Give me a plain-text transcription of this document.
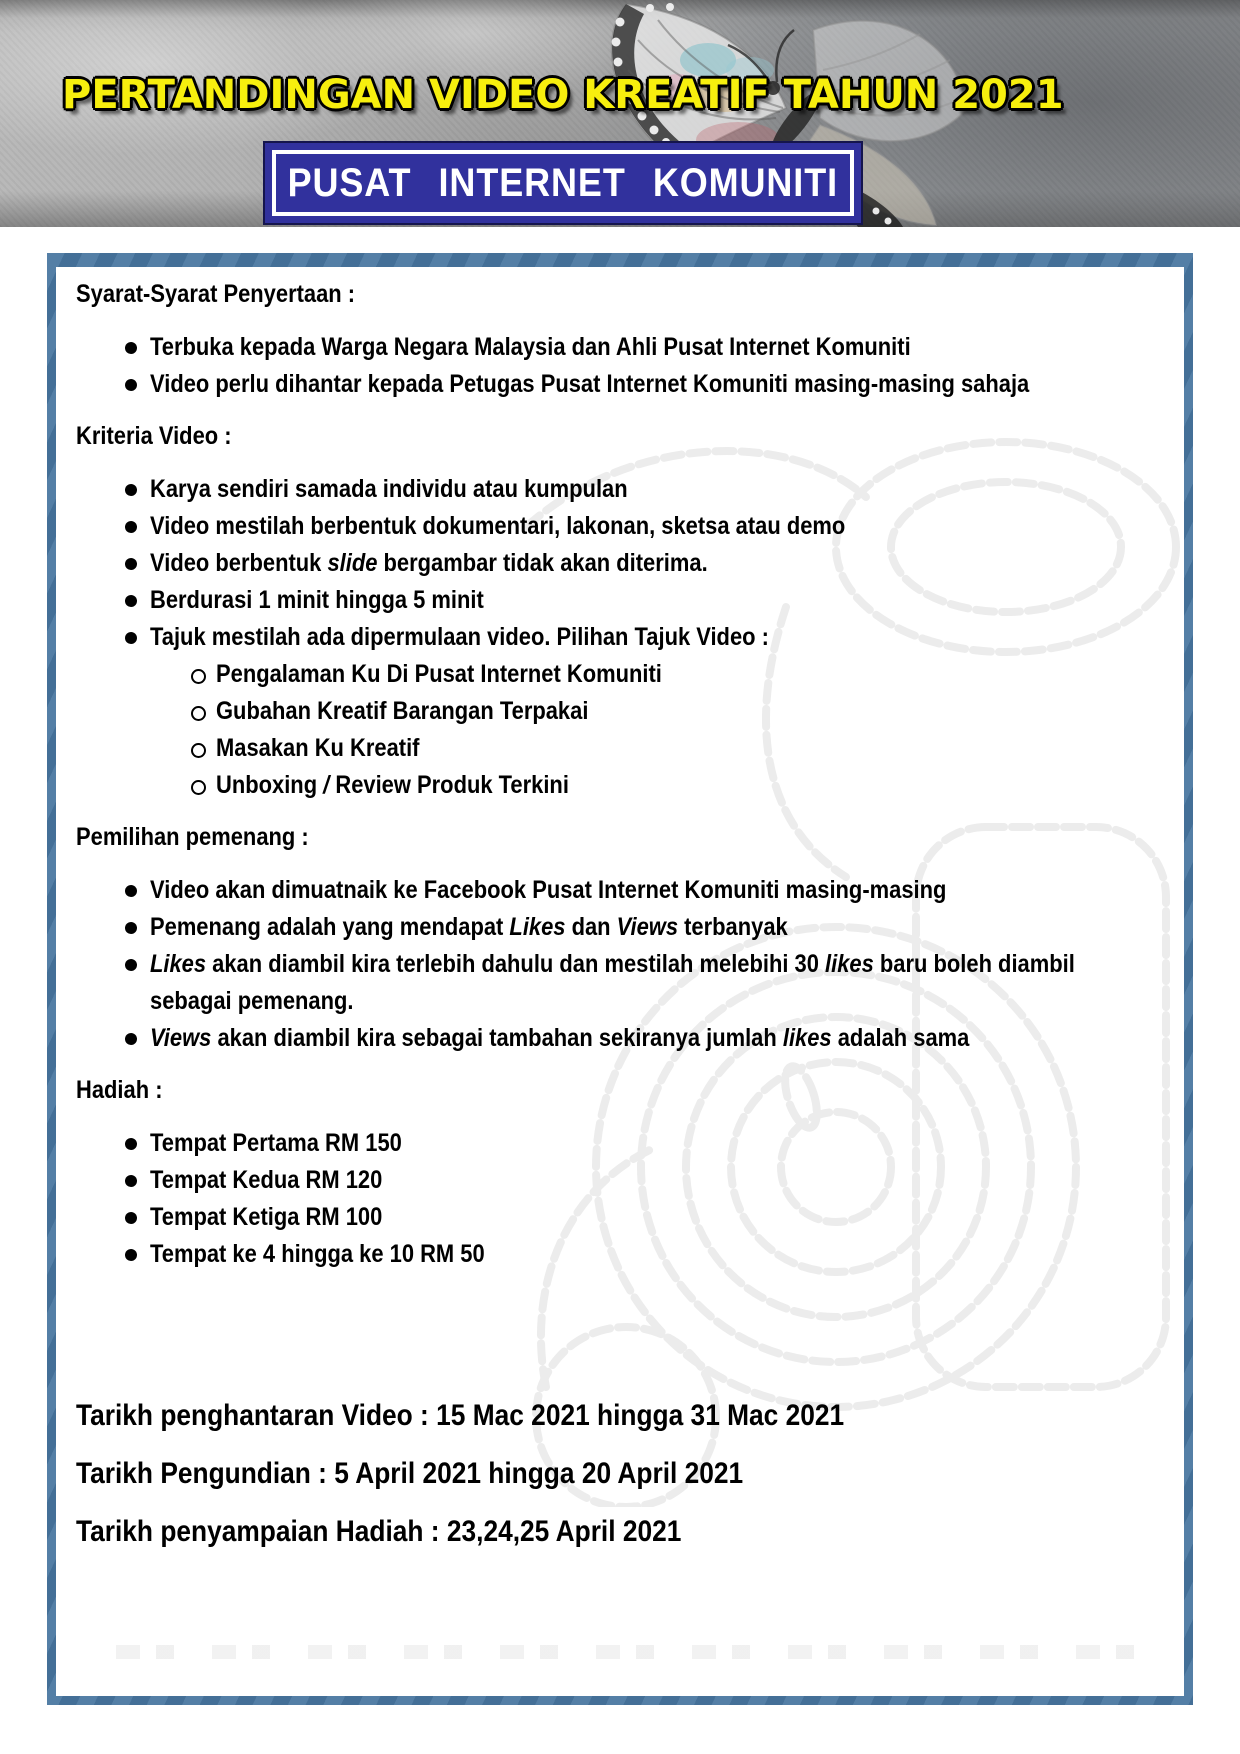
PERTANDINGAN VIDEO KREATIF TAHUN 2021
PUSAT INTERNET KOMUNITI
Syarat-Syarat Penyertaan :
Terbuka kepada Warga Negara Malaysia dan Ahli Pusat Internet Komuniti
Video perlu dihantar kepada Petugas Pusat Internet Komuniti masing-masing sahaja
Kriteria Video :
Karya sendiri samada individu atau kumpulan
Video mestilah berbentuk dokumentari, lakonan, sketsa atau demo
Video berbentuk slide bergambar tidak akan diterima.
Berdurasi 1 minit hingga 5 minit
Tajuk mestilah ada dipermulaan video. Pilihan Tajuk Video :
Pengalaman Ku Di Pusat Internet Komuniti
Gubahan Kreatif Barangan Terpakai
Masakan Ku Kreatif
Unboxing / Review Produk Terkini
Pemilihan pemenang :
Video akan dimuatnaik ke Facebook Pusat Internet Komuniti masing-masing
Pemenang adalah yang mendapat Likes dan Views terbanyak
Likes akan diambil kira terlebih dahulu dan mestilah melebihi 30 likes baru boleh diambil sebagai pemenang.
Views akan diambil kira sebagai tambahan sekiranya jumlah likes adalah sama
Hadiah :
Tempat Pertama RM 150
Tempat Kedua RM 120
Tempat Ketiga RM 100
Tempat ke 4 hingga ke 10 RM 50

Tarikh penghantaran Video : 15 Mac 2021 hingga 31 Mac 2021

Tarikh Pengundian : 5 April 2021 hingga 20 April 2021

Tarikh penyampaian Hadiah : 23,24,25 April 2021
